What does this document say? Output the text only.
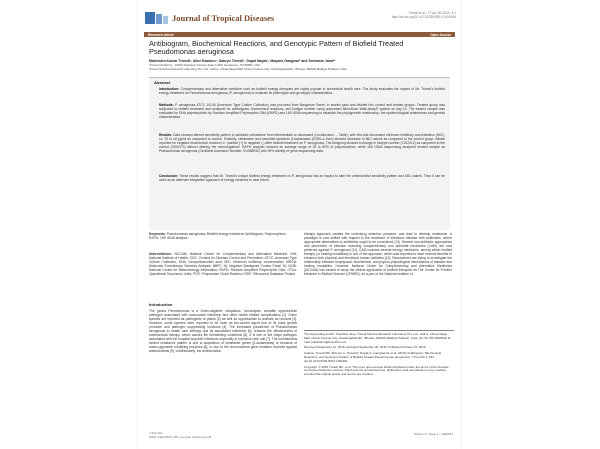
Journal of Tropical Diseases	Trivedi et al., J Trop Dis 2015, 4:1
http://dx.doi.org/10.4172/2329-891X.1000184
Research Article	Open Access
Antibiogram, Biochemical Reactions, and Genotypic Pattern of Biofield Treated Pseudomonas aeruginosa
Mahendra Kumar Trivedi¹, Alice Branton¹, Dahryn Trivedi¹, Gopal Nayak¹, Mayank Gangwar² and Snehasis Jana²*
¹Trivedi Global Inc., 10624 S Eastern Avenue Suite A-969, Henderson, NV 89052, USA
²Trivedi Science Research Laboratory Pvt. Ltd., Hall-A, Chinar Mega Mall, Chinar Fortune City, Hoshangabad Rd., Bhopal- 462026 Madhya Pradesh, India
Abstract

Introduction: Complementary and alternative medicine such as biofield energy therapies are highly popular in biomedical health care. The study evaluates the impact of Mr. Trivedi's biofield energy treatment on Pseudomonas aeruginosa (P. aeruginosa) to evaluate its phenotypic and genotypic characteristics.

Methods: P. aeruginosa ATCC 10145 (American Type Culture Collection) was procured from Bangalore Genei, in sealed pack and divided into control and treated groups. Treated group was subjected to biofield treatment and analyzed for antibiogram, biochemical reactions, and biotype number using automated MicroScan Walk-Away® system on day 10. The treated sample was evaluated for DNA polymorphism by Random Amplified Polymorphic DNA (RAPD) and 16S rDNA sequencing to establish the phylogenetic relationship, the epidemiological relatedness and genetic characteristics.

Results: Data showed altered sensitivity pattern in antibiotic cefotaxime from intermediate to decreased (Levofloxacin ... Table), with few-fold decreased minimum inhibitory concentration (MIC), i.e. 32 to ≤8 µg/ml as compared to control. Similarly, cefotaxime and extended-spectrum β-lactamases (ESBL-a Scrn) showed decrease in MIC values as compared to the control group. Nitrate reported for negative biochemical reaction i.e. positive (+) to negative (-) after biofield treatment on P. aeruginosa. The biotyping showed a change in biotype number (7202212) as compared to the control (0200073) without altering the microorganism. RAPD analysis showed an average range of 26 to 50% of polymorphism, while 16S rDNA sequencing analyzed treated sample as Pseudomonas aeruginosa (GenBank Accession Number: EU088932) with 99% identity of gene sequencing data.

Conclusion: These results suggest that Mr. Trivedi's unique biofield energy treatment on P. aeruginosa has an impact to alter the antimicrobial sensitivity pattern and MIC values. Thus it can be used as an alternate integrative approach of energy medicine in near future.

Keywords: Pseudomonas aeruginosa; Biofield energy treatment; Antibiogram; Polymorphism; RAPD; 16S rDNA analysis
Abbreviations: NCCAM: National Center for Complementary and Alternative Medicine; NIH: National Institute of Health; CDC: Centers for Disease Control and Prevention; ATCC: American Type Culture Collection; DNA: Deoxyribonucleic acid; MIC: Minimum inhibitory concentration; MRGA: Molecular Evolutionary Genetics Analysis; NBPC 16: Negative Breakpoint Combo Panel 16; NCBI: National Center for Biotechnology Information; RAPD: Random Amplified Polymorphic DNA; OTUs: Operational Taxonomic Units; PCR: Polymerase Chain Reaction; RDP: Ribosomal Database Project
Introduction
The genus Pseudomonas is a Gram-negative, ubiquitous, rod-shaped, versatile opportunistic pathogen associated with nosocomial infections and other health related complications [1]. Some species are reported as pathogenic to plants [2] as well as opportunistic to animals as humans [3]. However, some species were reported to be used as bio-control agent due to its plant growth promoter and pathogen suppressing functions [4]. The increased prevalence of Pseudomonas aeruginosa in health care settings and its associated infections [5], reduces the effectiveness of antimicrobial therapy, which causes life threatening conditions [6]. It is one of the major pathogen associated with the hospital acquired infections especially in intensive care unit [7]. The mechanisms behind resistance pattern is due to acquisition of resistance genes (β-lactamases) or because of amino-glycoside modifying enzymes [8], or due to the chromosomal gene mutation involved against antimicrobials [9]. Unfortunately, the antimicrobial
therapy approach creates the underlying selection pressure, and lead to develop resistance. A paradigm is now shifted with respect to the treatment of infectious disease with antibiotics, where appropriate alternatives to antibiotics ought to be considered [10]. Several non-antibiotic approaches and prevention of infection including complementary and alternate medicines (CAM) are now preferred against P. aeruginosa [11]. CAM includes several energy medicines, among which biofield therapy (or healing modalities) is one of the approach, which was reported to have several benefits to enhance both physical and emotional human wellness [12]. Researchers are trying to investigate the relationship between biophysical, biochemical, and psycho-physiological mechanisms of disease and healing modalities. However, National Center for Complementary and Alternative Medicines (NCCAM) has funded to study the clinical application of biofield therapies as The Center for Frontier Medicine in Biofield Science (CFMBS), as a part of the National Institute of
*Corresponding author: Snehasis Jana, Trivedi Science Research Laboratory Pvt. Ltd., Hall-A, Chinar Mega Mall, Chinar Fortune City, Hoshangabad Rd., Bhopal- 462026 Madhya Pradesh, India, Tel: 91-755-6660006; E-mail: publication@trivedisrl.com
Received September 10, 2015; Accepted September 30, 2015; Published October 07, 2015
Citation: Trivedi MK, Branton A, Trivedi D, Nayak G, Gangwar M, et al. (2015) Antibiogram, Biochemical Reactions, and Genotypic Pattern of Biofield Treated Pseudomonas aeruginosa. J Trop Dis 4: 181. doi:10.4172/2329-891X.1000181
Copyright: © 2015 Trivedi MK, et al. This is an open-access article distributed under the terms of the Creative Commons Attribution License, which permits unrestricted use, distribution, and reproduction in any medium, provided the original author and source are credited.
J Trop Dis
ISSN: 2329-891X JTD, an open access journal
Volume 4 • Issue 1 • 1000181
